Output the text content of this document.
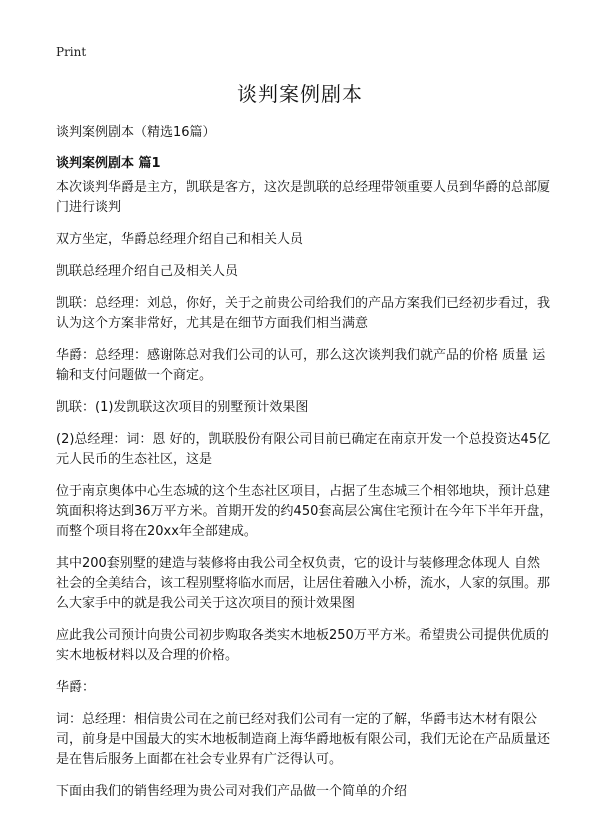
Print
谈判案例剧本
谈判案例剧本（精选16篇）
谈判案例剧本 篇1

本次谈判华爵是主方，凯联是客方，这次是凯联的总经理带领重要人员到华爵的总部厦门进行谈判

双方坐定，华爵总经理介绍自己和相关人员

凯联总经理介绍自己及相关人员

凯联：总经理：刘总，你好，关于之前贵公司给我们的产品方案我们已经初步看过，我认为这个方案非常好，尤其是在细节方面我们相当满意

华爵：总经理：感谢陈总对我们公司的认可，那么这次谈判我们就产品的价格 质量 运输和支付问题做一个商定。

凯联：(1)发凯联这次项目的别墅预计效果图

(2)总经理：词：恩 好的，凯联股份有限公司目前已确定在南京开发一个总投资达45亿元人民币的生态社区，这是

位于南京奥体中心生态城的这个生态社区项目，占据了生态城三个相邻地块，预计总建筑面积将达到36万平方米。首期开发的约450套高层公寓住宅预计在今年下半年开盘，而整个项目将在20xx年全部建成。

其中200套别墅的建造与装修将由我公司全权负责，它的设计与装修理念体现人 自然 社会的全美结合，该工程别墅将临水而居，让居住着融入小桥，流水，人家的氛围。那么大家手中的就是我公司关于这次项目的预计效果图

应此我公司预计向贵公司初步购取各类实木地板250万平方米。希望贵公司提供优质的实木地板材料以及合理的价格。

华爵：

词：总经理：相信贵公司在之前已经对我们公司有一定的了解，华爵韦达木材有限公司，前身是中国最大的实木地板制造商上海华爵地板有限公司，我们无论在产品质量还是在售后服务上面都在社会专业界有广泛得认可。

下面由我们的销售经理为贵公司对我们产品做一个简单的介绍
